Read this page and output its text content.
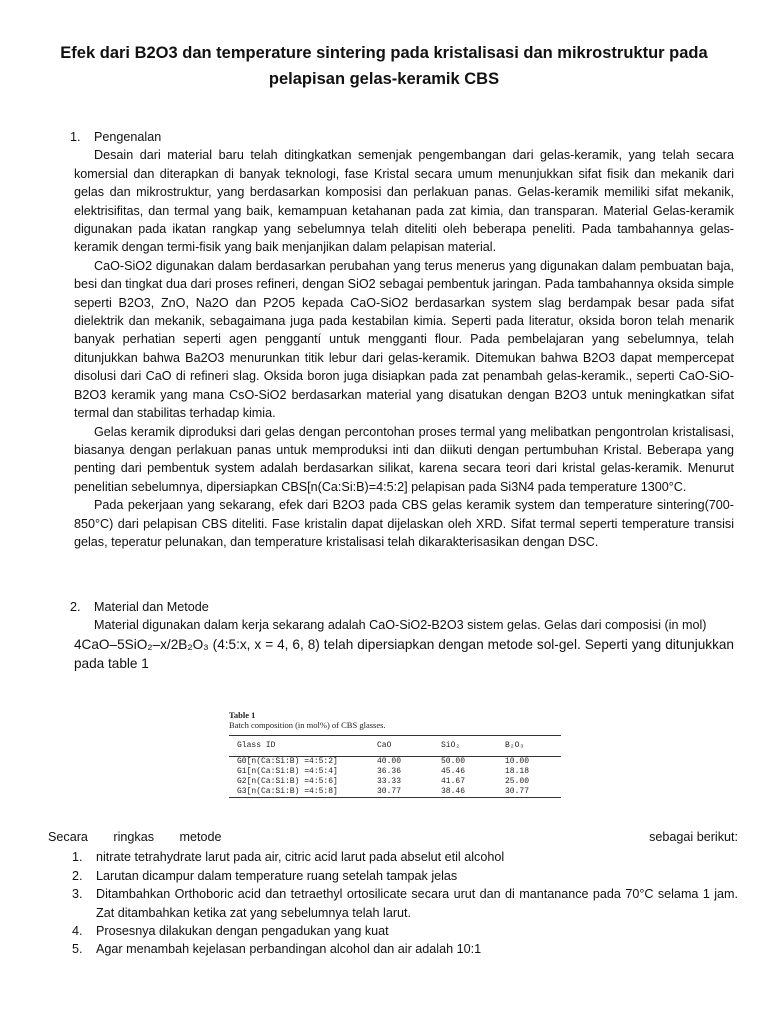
Efek dari B2O3 dan temperature sintering pada kristalisasi dan mikrostruktur pada
pelapisan gelas-keramik CBS
1.	Pengenalan

Desain dari material baru telah ditingkatkan semenjak pengembangan dari gelas-keramik, yang telah secara komersial dan diterapkan di banyak teknologi, fase Kristal secara umum menunjukkan sifat fisik dan mekanik dari gelas dan mikrostruktur, yang berdasarkan komposisi dan perlakuan panas. Gelas-keramik memiliki sifat mekanik, elektrisifitas, dan termal yang baik, kemampuan ketahanan pada zat kimia, dan transparan. Material Gelas-keramik digunakan pada ikatan rangkap yang sebelumnya telah diteliti oleh beberapa peneliti. Pada tambahannya gelas-keramik dengan termi-fisik yang baik menjanjikan dalam pelapisan material.

CaO-SiO2 digunakan dalam berdasarkan perubahan yang terus menerus yang digunakan dalam pembuatan baja, besi dan tingkat dua dari proses refineri, dengan SiO2 sebagai pembentuk jaringan. Pada tambahannya oksida simple seperti B2O3, ZnO, Na2O dan P2O5 kepada CaO-SiO2 berdasarkan system slag berdampak besar pada sifat dielektrik dan mekanik, sebagaimana juga pada kestabilan kimia. Seperti pada literatur, oksida boron telah menarik banyak perhatian seperti agen penggantí untuk mengganti flour. Pada pembelajaran yang sebelumnya, telah ditunjukkan bahwa Ba2O3 menurunkan titik lebur dari gelas-keramik. Ditemukan bahwa B2O3 dapat mempercepat disolusi dari CaO di refineri slag. Oksida boron juga disiapkan pada zat penambah gelas-keramik., seperti CaO-SiO-B2O3 keramik yang mana CsO-SiO2 berdasarkan material yang disatukan dengan B2O3 untuk meningkatkan sifat termal dan stabilitas terhadap kimia.

Gelas keramik diproduksi dari gelas dengan percontohan proses termal yang melibatkan pengontrolan kristalisasi, biasanya dengan perlakuan panas untuk memproduksi inti dan diikuti dengan pertumbuhan Kristal. Beberapa yang penting dari pembentuk system adalah berdasarkan silikat, karena secara teori dari kristal gelas-keramik. Menurut penelitian sebelumnya, dipersiapkan CBS[n(Ca:Si:B)=4:5:2] pelapisan pada Si3N4 pada temperature 1300°C.

Pada pekerjaan yang sekarang, efek dari B2O3 pada CBS gelas keramik system dan temperature sintering(700-850°C) dari pelapisan CBS diteliti. Fase kristalin dapat dijelaskan oleh XRD. Sifat termal seperti temperature transisi gelas, teperatur pelunakan, dan temperature kristalisasi telah dikarakterisasikan dengan DSC.

2.	Material dan Metode

Material digunakan dalam kerja sekarang adalah CaO-SiO2-B2O3 sistem gelas. Gelas dari composisi (in mol)

4CaO–5SiO₂–x/2B₂O₃ (4:5:x, x = 4, 6, 8) telah dipersiapkan dengan metode sol-gel. Seperti yang ditunjukkan pada table 1

Table 1
Batch composition (in mol%) of CBS glasses.
Glass ID	CaO	SiO₂	B₂O₃
G0[n(Ca:Si:B) =4:5:2]	40.00	50.00	10.00
G1[n(Ca:Si:B) =4:5:4]	36.36	45.46	18.18
G2[n(Ca:Si:B) =4:5:6]	33.33	41.67	25.00
G3[n(Ca:Si:B) =4:5:8]	30.77	38.46	30.77
Secara ringkas metode	sebagai berikut:
1.	nitrate tetrahydrate larut pada air, citric acid larut pada abselut etil alcohol
2.	Larutan dicampur dalam temperature ruang setelah tampak jelas
3.	Ditambahkan Orthoboric acid dan tetraethyl ortosilicate secara urut dan di mantanance pada 70°C selama 1 jam. Zat ditambahkan ketika zat yang sebelumnya telah larut.
4.	Prosesnya dilakukan dengan pengadukan yang kuat
5.	Agar menambah kejelasan perbandingan alcohol dan air adalah 10:1
